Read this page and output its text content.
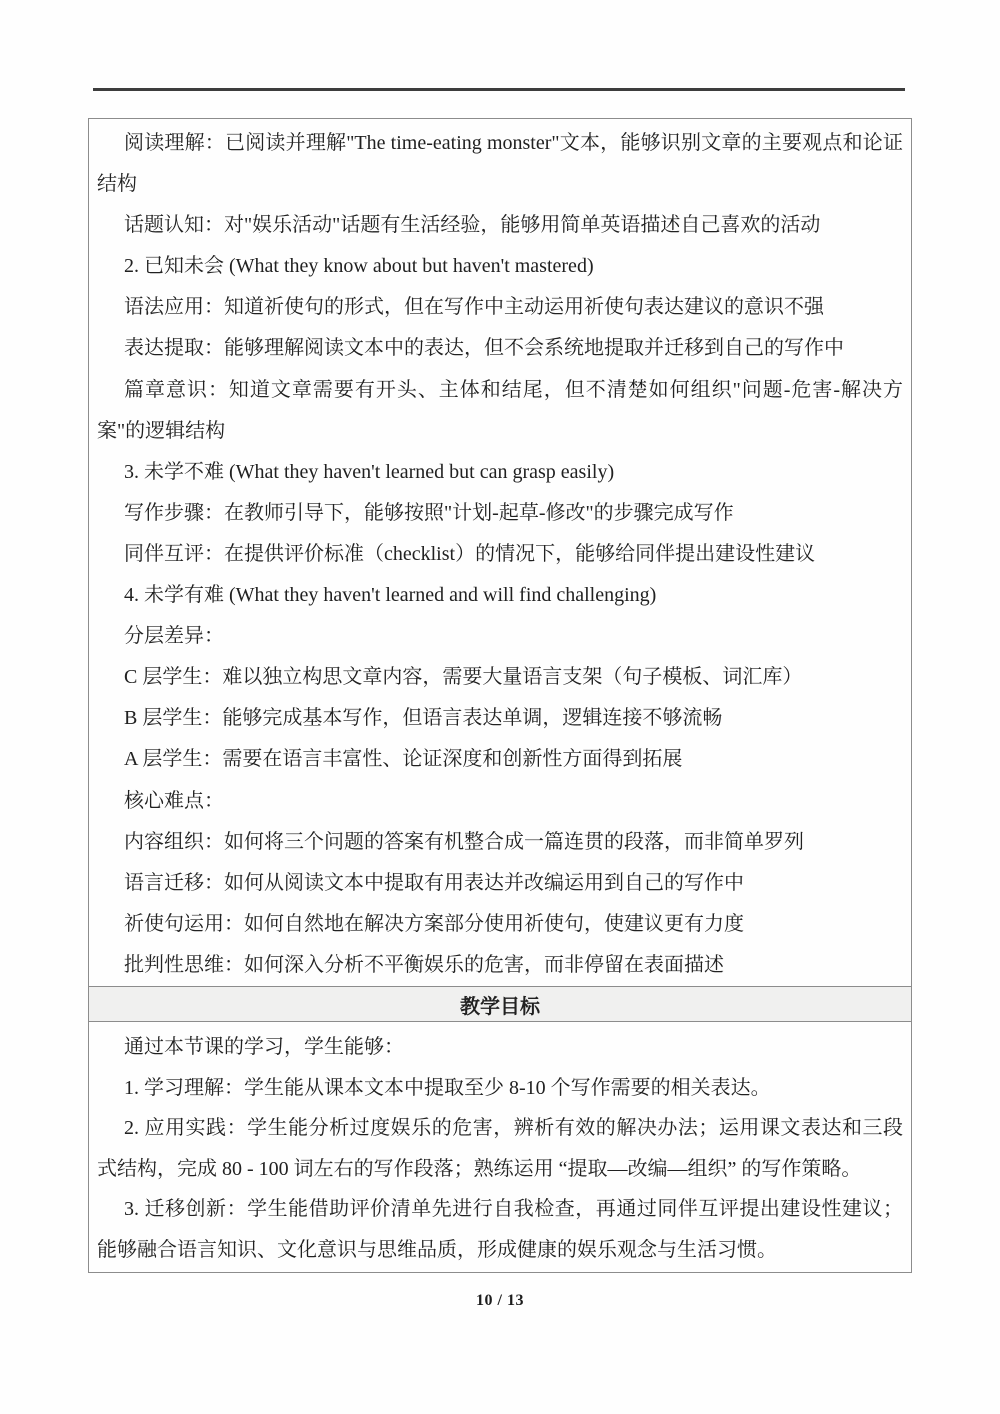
阅读理解：已阅读并理解"The time-eating monster"文本，能够识别文章的主要观点和论证结构

话题认知：对"娱乐活动"话题有生活经验，能够用简单英语描述自己喜欢的活动

2. 已知未会 (What they know about but haven't mastered)

语法应用：知道祈使句的形式，但在写作中主动运用祈使句表达建议的意识不强

表达提取：能够理解阅读文本中的表达，但不会系统地提取并迁移到自己的写作中

篇章意识：知道文章需要有开头、主体和结尾，但不清楚如何组织"问题-危害-解决方案"的逻辑结构

3. 未学不难 (What they haven't learned but can grasp easily)

写作步骤：在教师引导下，能够按照"计划-起草-修改"的步骤完成写作

同伴互评：在提供评价标准（checklist）的情况下，能够给同伴提出建设性建议

4. 未学有难 (What they haven't learned and will find challenging)

分层差异：

C 层学生：难以独立构思文章内容，需要大量语言支架（句子模板、词汇库）

B 层学生：能够完成基本写作，但语言表达单调，逻辑连接不够流畅

A 层学生：需要在语言丰富性、论证深度和创新性方面得到拓展

核心难点：

内容组织：如何将三个问题的答案有机整合成一篇连贯的段落，而非简单罗列

语言迁移：如何从阅读文本中提取有用表达并改编运用到自己的写作中

祈使句运用：如何自然地在解决方案部分使用祈使句，使建议更有力度

批判性思维：如何深入分析不平衡娱乐的危害，而非停留在表面描述

教学目标

通过本节课的学习，学生能够：

1. 学习理解：学生能从课本文本中提取至少 8-10 个写作需要的相关表达。

2. 应用实践：学生能分析过度娱乐的危害，辨析有效的解决办法；运用课文表达和三段式结构，完成 80 - 100 词左右的写作段落；熟练运用 “提取—改编—组织” 的写作策略。

3. 迁移创新：学生能借助评价清单先进行自我检查，再通过同伴互评提出建设性建议；能够融合语言知识、文化意识与思维品质，形成健康的娱乐观念与生活习惯。

10 / 13
